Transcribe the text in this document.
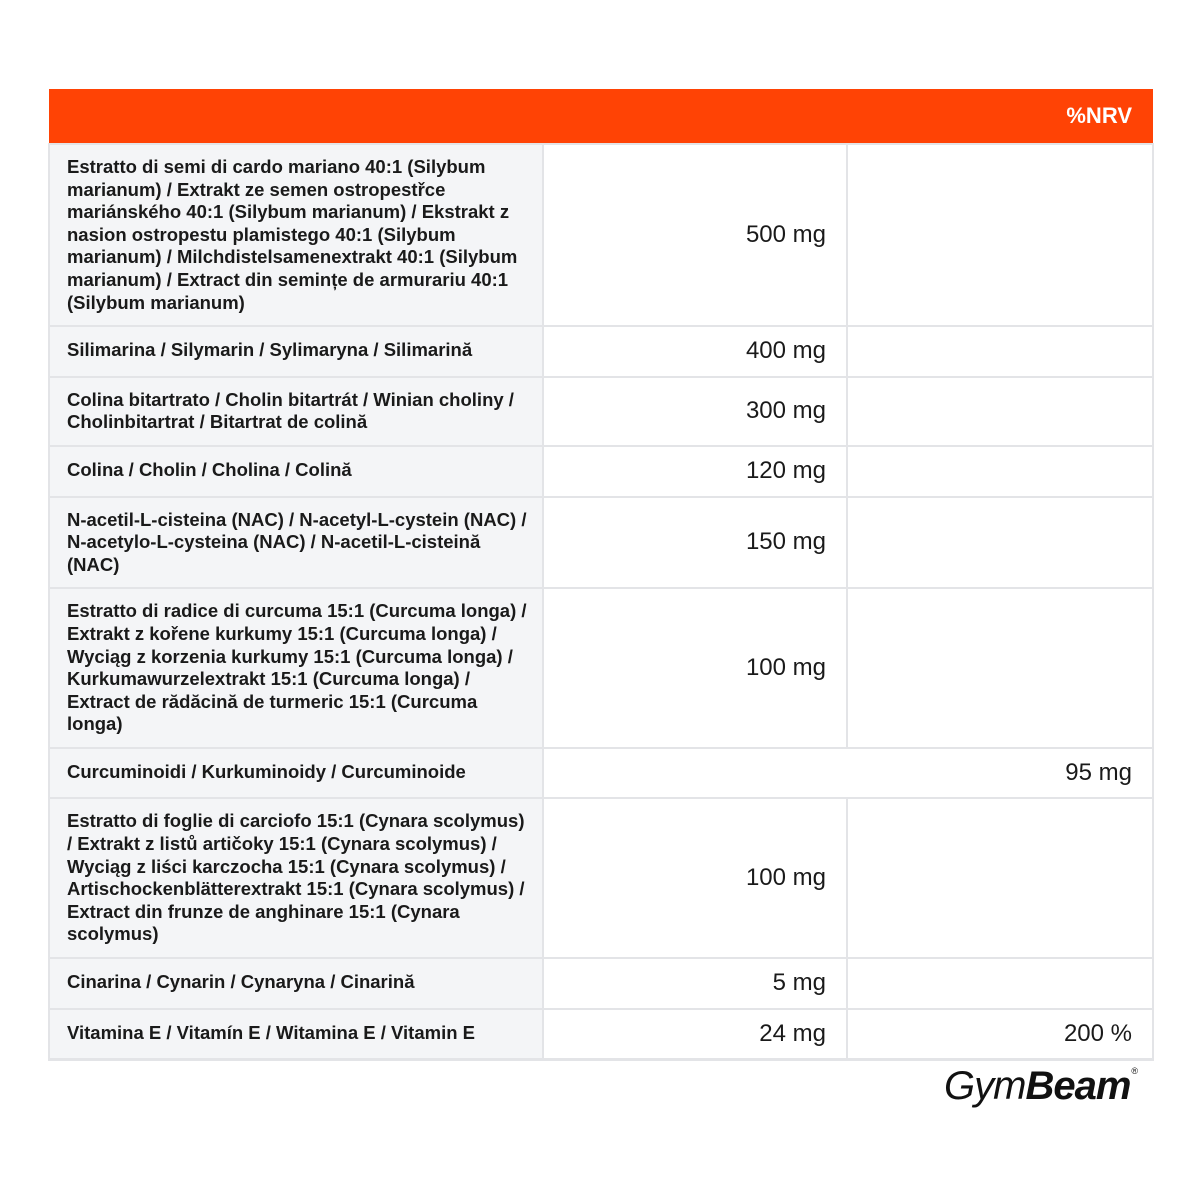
%NRV		
Estratto di semi di cardo mariano 40:1 (Silybum marianum) / Extrakt ze semen ostropestřce mariánského 40:1 (Silybum marianum) / Ekstrakt z nasion ostropestu plamistego 40:1 (Silybum marianum) / Milchdistelsamenextrakt 40:1 (Silybum marianum) / Extract din semințe de armurariu 40:1 (Silybum marianum)	500 mg	
Silimarina / Silymarin / Sylimaryna / Silimarină	400 mg	
Colina bitartrato / Cholin bitartrát / Winian choliny / Cholinbitartrat / Bitartrat de colină	300 mg	
Colina / Cholin / Cholina / Colină	120 mg	
N-acetil-L-cisteina (NAC) / N-acetyl-L-cystein (NAC) / N-acetylo-L-cysteina (NAC) / N-acetil-L-cisteină (NAC)	150 mg	
Estratto di radice di curcuma 15:1 (Curcuma longa) / Extrakt z kořene kurkumy 15:1 (Curcuma longa) / Wyciąg z korzenia kurkumy 15:1 (Curcuma longa) / Kurkumawurzelextrakt 15:1 (Curcuma longa) / Extract de rădăcină de turmeric 15:1 (Curcuma longa)	100 mg	
Curcuminoidi / Kurkuminoidy / Curcuminoide	95 mg	
Estratto di foglie di carciofo 15:1 (Cynara scolymus) / Extrakt z listů artičoky 15:1 (Cynara scolymus) / Wyciąg z liści karczocha 15:1 (Cynara scolymus) / Artischockenblätterextrakt 15:1 (Cynara scolymus) / Extract din frunze de anghinare 15:1 (Cynara scolymus)	100 mg	
Cinarina / Cynarin / Cynaryna / Cinarină	5 mg	
Vitamina E / Vitamín E / Witamina E / Vitamin E	24 mg	200 %
GymBeam®
